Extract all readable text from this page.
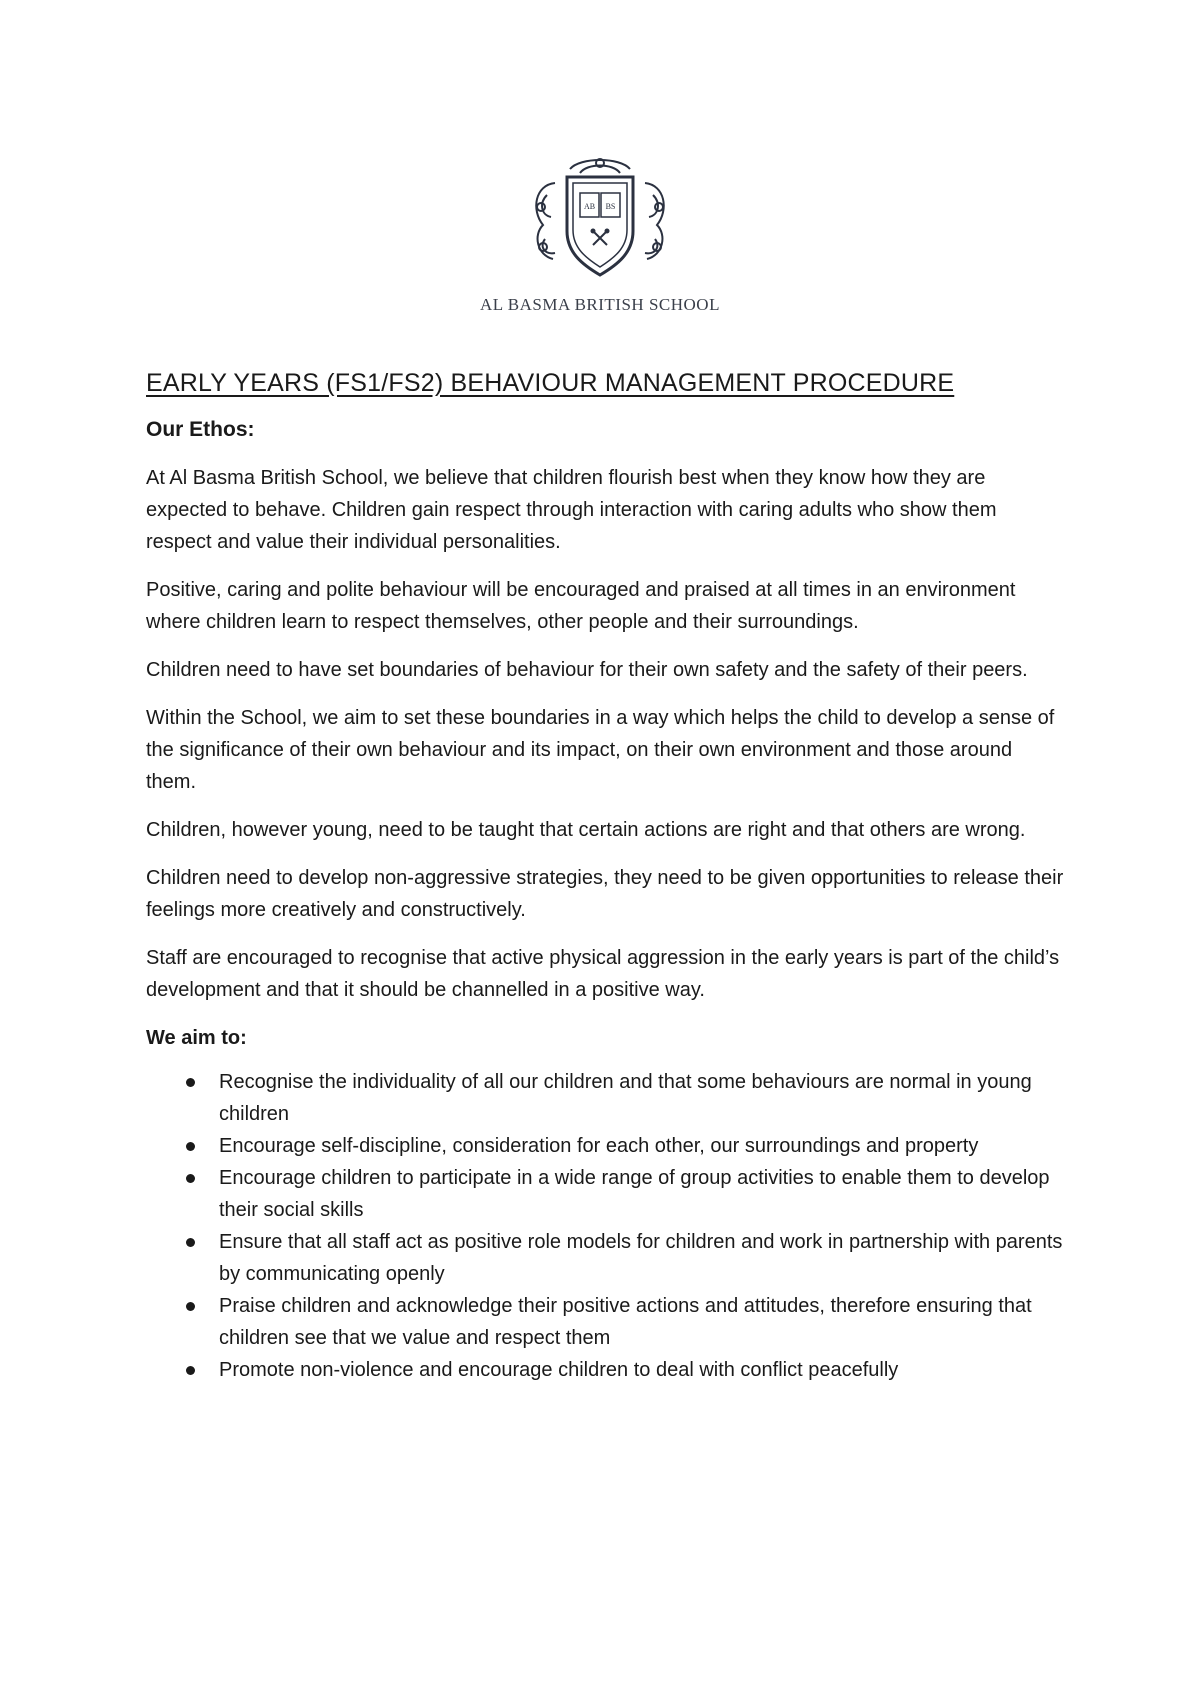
AB BS
AL BASMA BRITISH SCHOOL
EARLY YEARS (FS1/FS2) BEHAVIOUR MANAGEMENT PROCEDURE
Our Ethos:

At Al Basma British School, we believe that children flourish best when they know how they are expected to behave. Children gain respect through interaction with caring adults who show them respect and value their individual personalities.

Positive, caring and polite behaviour will be encouraged and praised at all times in an environment where children learn to respect themselves, other people and their surroundings.

Children need to have set boundaries of behaviour for their own safety and the safety of their peers.

Within the School, we aim to set these boundaries in a way which helps the child to develop a sense of the significance of their own behaviour and its impact, on their own environment and those around them.

Children, however young, need to be taught that certain actions are right and that others are wrong.

Children need to develop non-aggressive strategies, they need to be given opportunities to release their feelings more creatively and constructively.

Staff are encouraged to recognise that active physical aggression in the early years is part of the child’s development and that it should be channelled in a positive way.

We aim to:

Recognise the individuality of all our children and that some behaviours are normal in young children
Encourage self-discipline, consideration for each other, our surroundings and property
Encourage children to participate in a wide range of group activities to enable them to develop their social skills
Ensure that all staff act as positive role models for children and work in partnership with parents by communicating openly
Praise children and acknowledge their positive actions and attitudes, therefore ensuring that children see that we value and respect them
Promote non-violence and encourage children to deal with conflict peacefully
